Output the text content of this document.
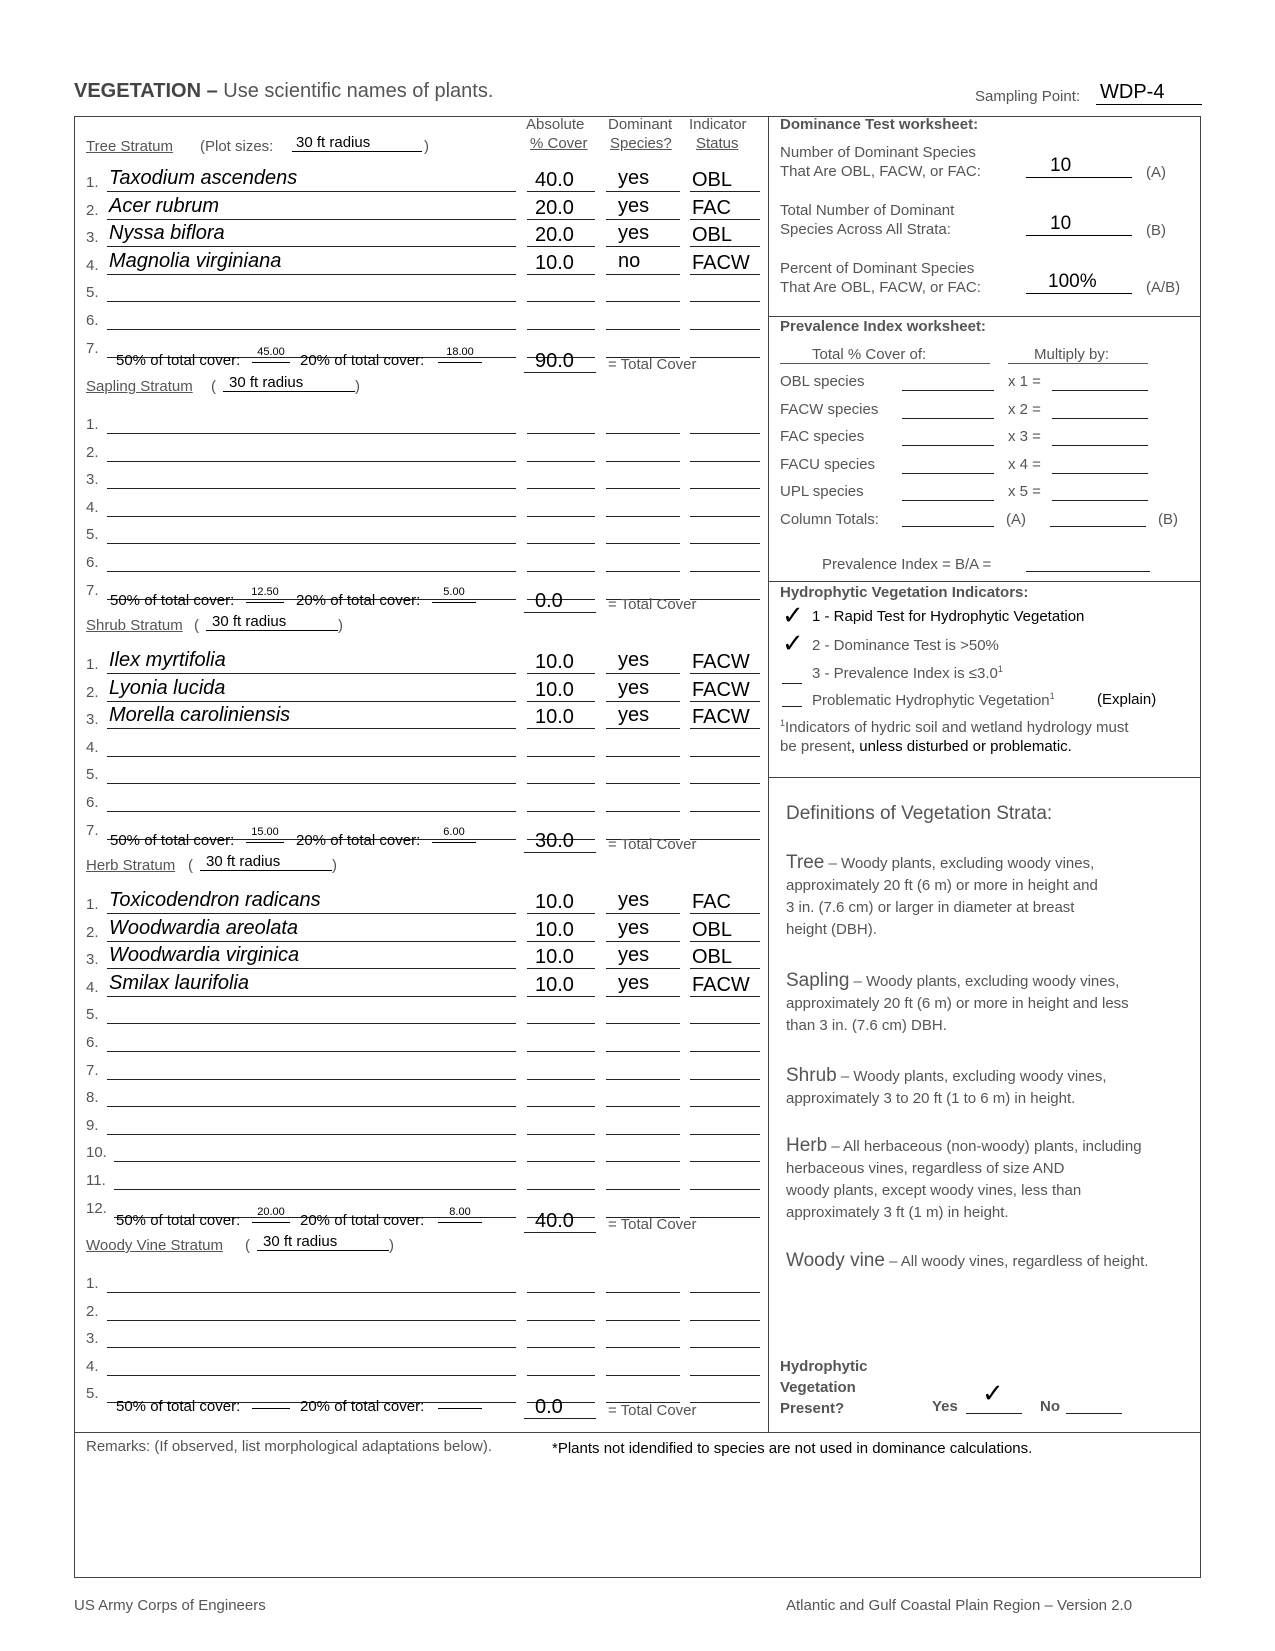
VEGETATION – Use scientific names of plants.	Sampling Point: WDP-4
Absolute
% Cover
Dominant
Species?
Indicator
Status
Tree Stratum (Plot sizes: 30 ft radius	)
1. Taxodium ascendens	40.0 yes OBL
2. Acer rubrum	20.0 yes FAC
3. Nyssa biflora	20.0 yes OBL
4. Magnolia virginiana	10.0 no	FACW
5.
6.
7.
50% of total cover:	45.00	20% of total cover:	18.00	90.0 = Total Cover
Sapling Stratum ( 30 ft radius	)
1.
2.
3.
4.
5.
6.
7.
50% of total cover:	12.50	20% of total cover:	5.00	0.0	= Total Cover
Shrub Stratum ( 30 ft radius	)
1. Ilex myrtifolia	10.0 yes FACW
2. Lyonia lucida	10.0 yes FACW
3. Morella caroliniensis	10.0 yes FACW
4.
5.
6.
7.
50% of total cover:	15.00	20% of total cover:	6.00	30.0 = Total Cover
Herb Stratum ( 30 ft radius	)
1. Toxicodendron radicans	10.0 yes FAC
2. Woodwardia areolata	10.0 yes OBL
3. Woodwardia virginica	10.0 yes OBL
4. Smilax laurifolia	10.0 yes FACW
5.
6.
7.
8.
9.
10.
11.
12.
50% of total cover:	20.00	20% of total cover:	8.00	40.0 = Total Cover
Woody Vine Stratum ( 30 ft radius	)
1.
2.
3.
4.
5.
50% of total cover:	20% of total cover:	0.0	= Total Cover
Dominance Test worksheet:
Number of Dominant Species
That Are OBL, FACW, or FAC:	10	(A)
Total Number of Dominant
Species Across All Strata:	10	(B)
Percent of Dominant Species
That Are OBL, FACW, or FAC:	100%	(A/B)
Prevalence Index worksheet:
Total % Cover of:	Multiply by:
OBL species	x 1 =
FACW species	x 2 =
FAC species	x 3 =
FACU species	x 4 =
UPL species	x 5 =
Column Totals:	(A)	(B)
Prevalence Index = B/A =
Hydrophytic Vegetation Indicators:
✓ 1 - Rapid Test for Hydrophytic Vegetation
✓ 2 - Dominance Test is >50%
3 - Prevalence Index is $\le 3.0^1$
Problematic Hydrophytic Vegetation$^1$	(Explain)
$^1$Indicators of hydric soil and wetland hydrology must
be present, unless disturbed or problematic.
Definitions of Vegetation Strata:
Tree – Woody plants, excluding woody vines,
approximately 20 ft (6 m) or more in height and
3 in. (7.6 cm) or larger in diameter at breast
height (DBH).
Sapling – Woody plants, excluding woody vines,
approximately 20 ft (6 m) or more in height and less
than 3 in. (7.6 cm) DBH.
Shrub – Woody plants, excluding woody vines,
approximately 3 to 20 ft (1 to 6 m) in height.
Herb – All herbaceous (non-woody) plants, including
herbaceous vines, regardless of size AND
woody plants, except woody vines, less than
approximately 3 ft (1 m) in height.
Woody vine – All woody vines, regardless of height.
Hydrophytic
Vegetation
Present?	Yes ✓ No
Remarks: (If observed, list morphological adaptations below).	*Plants not idendified to species are not used in dominance calculations.
US Army Corps of Engineers	Atlantic and Gulf Coastal Plain Region – Version 2.0
